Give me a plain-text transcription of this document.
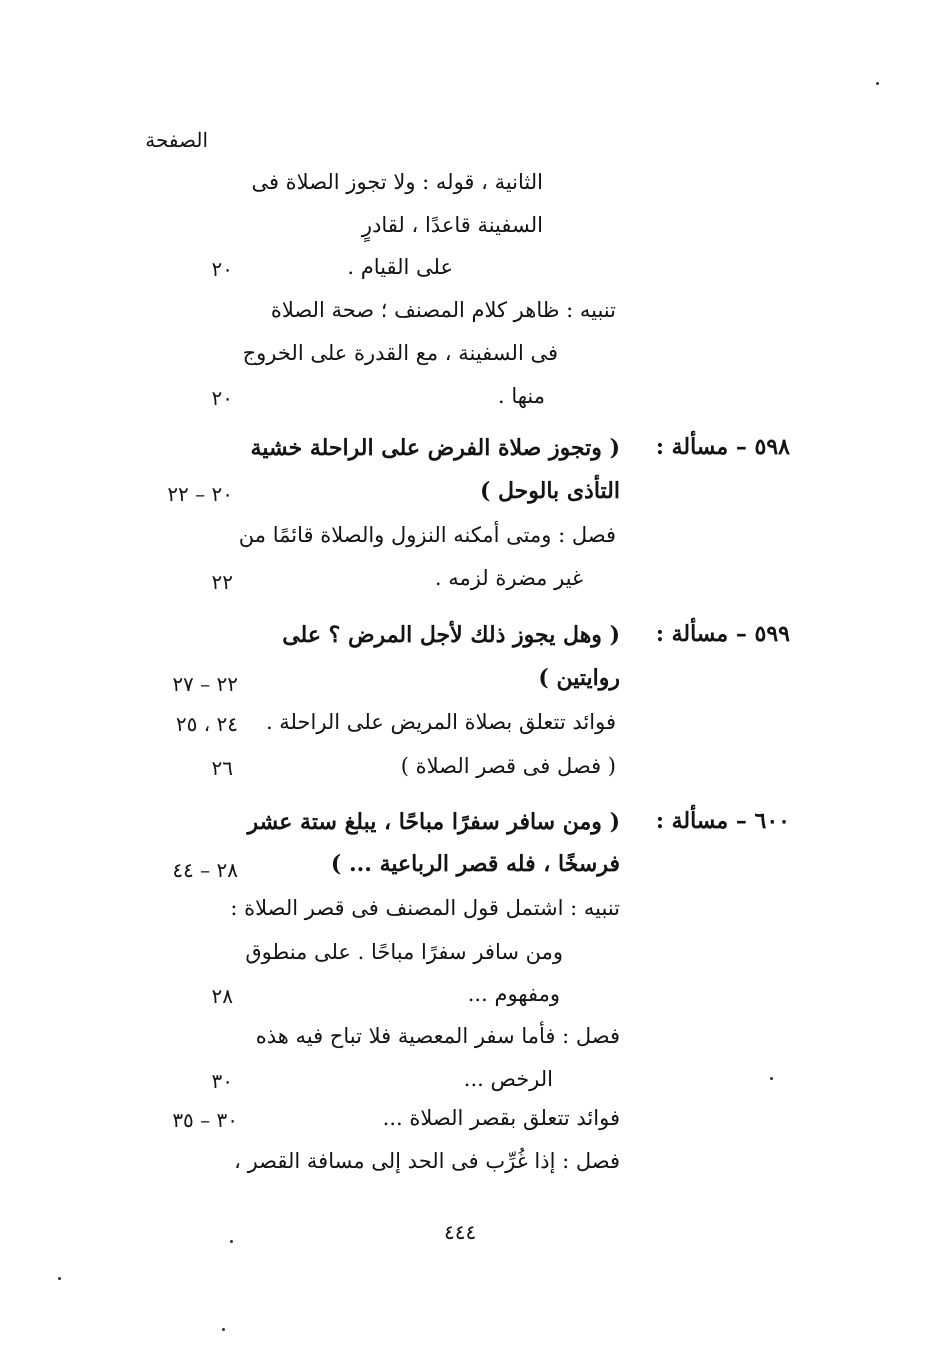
الصفحة
الثانية ، قوله : ولا تجوز الصلاة فى
السفينة قاعدًا ، لقادرٍ
على القيام .
٢٠
تنبيه : ظاهر كلام المصنف ؛ صحة الصلاة
فى السفينة ، مع القدرة على الخروج
منها .
٢٠
٥٩٨ – مسألة :
( وتجوز صلاة الفرض على الراحلة خشية
التأذى بالوحل )
٢٠ – ٢٢
فصل : ومتى أمكنه النزول والصلاة قائمًا من
غير مضرة لزمه .
٢٢
٥٩٩ – مسألة :
( وهل يجوز ذلك لأجل المرض ؟ على
روايتين )
٢٢ – ٢٧
فوائد تتعلق بصلاة المريض على الراحلة .
٢٤ ، ٢٥
( فصل فى قصر الصلاة )
٢٦
٦٠٠ – مسألة :
( ومن سافر سفرًا مباحًا ، يبلغ ستة عشر
فرسخًا ، فله قصر الرباعية ... )
٢٨ – ٤٤
تنبيه : اشتمل قول المصنف فى قصر الصلاة :
ومن سافر سفرًا مباحًا . على منطوق
ومفهوم ...
٢٨
فصل : فأما سفر المعصية فلا تباح فيه هذه
الرخص ...
٣٠
فوائد تتعلق بقصر الصلاة ...
٣٠ – ٣٥
فصل : إذا غُرِّب فى الحد إلى مسافة القصر ،
٤٤٤
